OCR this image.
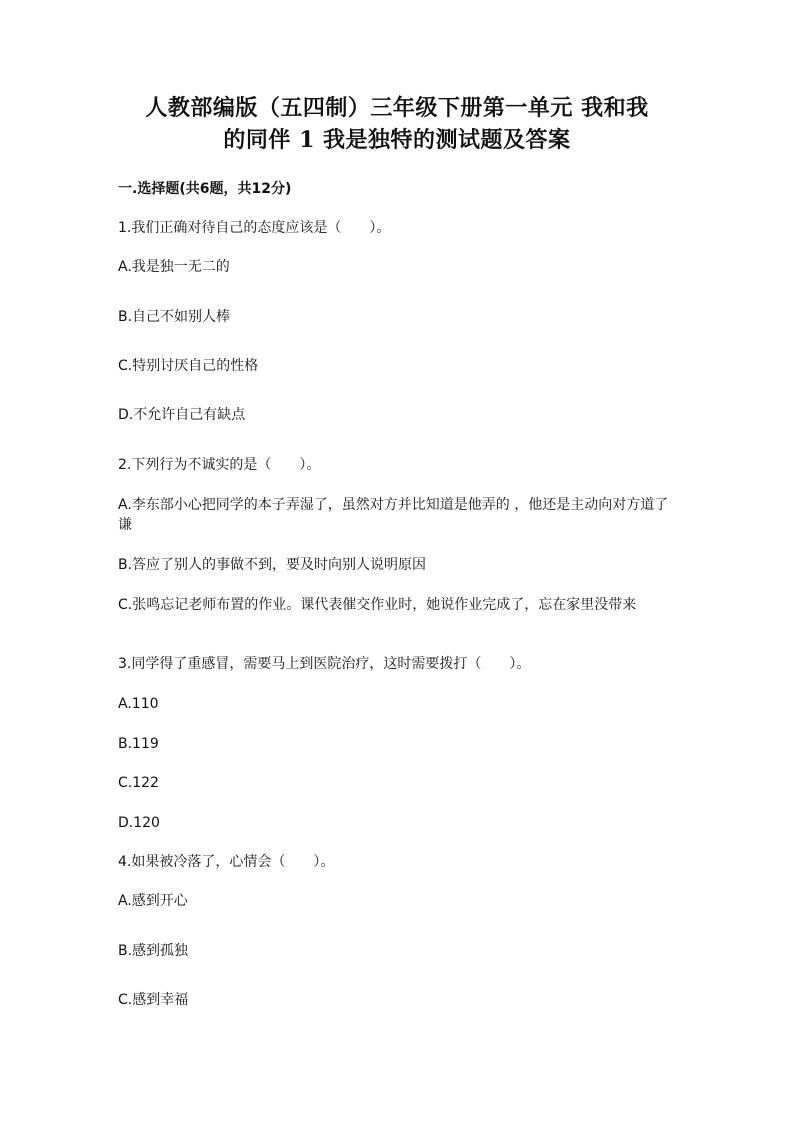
人教部编版（五四制）三年级下册第一单元 我和我
的同伴 1 我是独特的测试题及答案
一.选择题(共6题，共12分)
1.我们正确对待自己的态度应该是（　　）。
A.我是独一无二的
B.自己不如别人棒
C.特别讨厌自己的性格
D.不允许自己有缺点
2.下列行为不诚实的是（　　）。
A.李东部小心把同学的本子弄湿了，虽然对方并比知道是他弄的 ，他还是主动向对方道了谦
B.答应了别人的事做不到，要及时向别人说明原因
C.张鸣忘记老师布置的作业。课代表催交作业时，她说作业完成了，忘在家里没带来
3.同学得了重感冒，需要马上到医院治疗，这时需要拨打（　　）。
A.110
B.119
C.122
D.120
4.如果被冷落了，心情会（　　）。
A.感到开心
B.感到孤独
C.感到幸福
